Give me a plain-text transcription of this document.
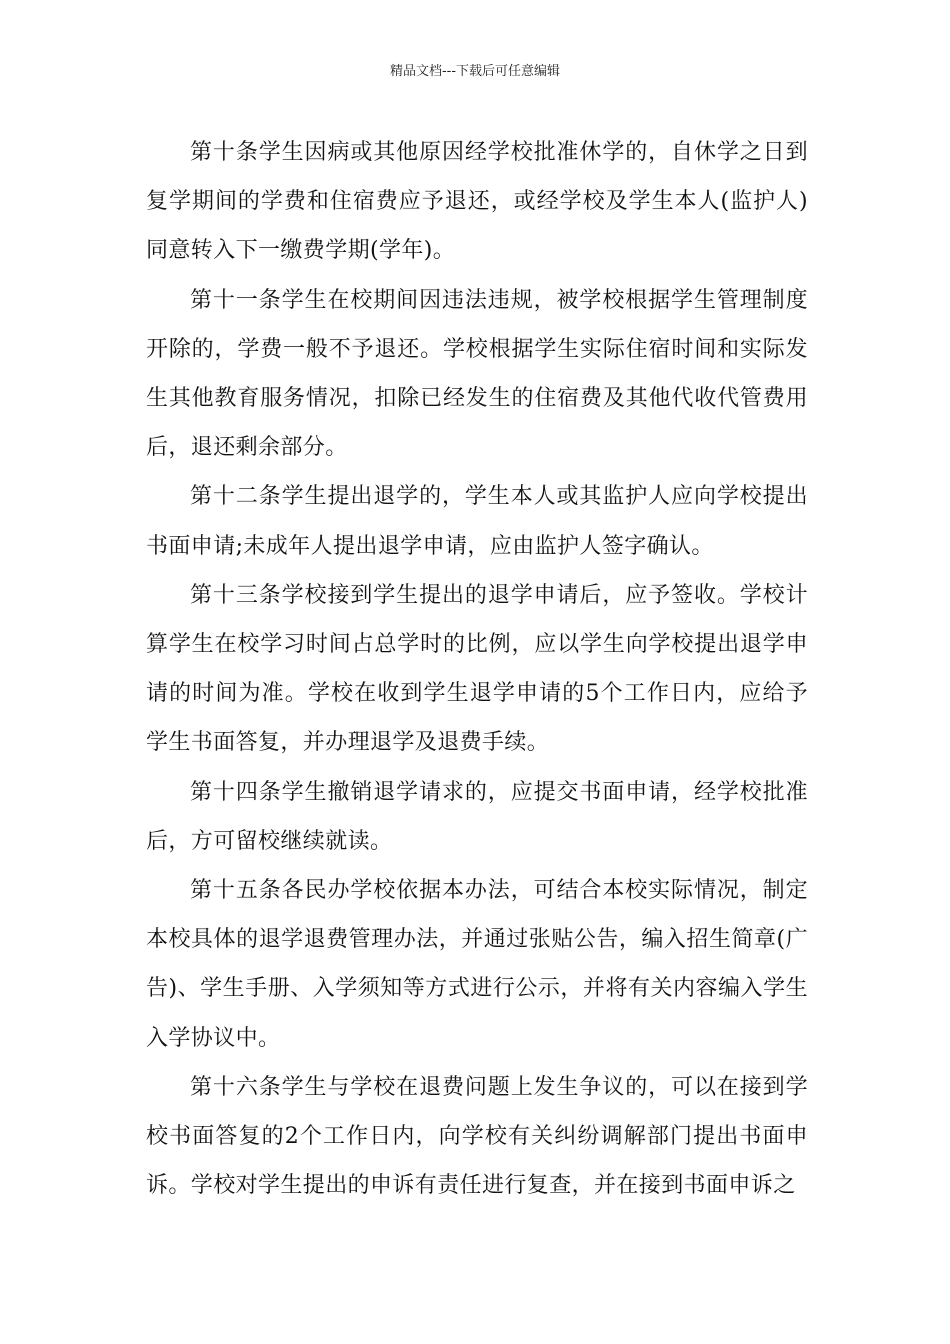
精品文档---下载后可任意编辑

第十条学生因病或其他原因经学校批准休学的，自休学之日到复学期间的学费和住宿费应予退还，或经学校及学生本人(监护人)同意转入下一缴费学期(学年)。

第十一条学生在校期间因违法违规，被学校根据学生管理制度开除的，学费一般不予退还。学校根据学生实际住宿时间和实际发生其他教育服务情况，扣除已经发生的住宿费及其他代收代管费用后，退还剩余部分。

第十二条学生提出退学的，学生本人或其监护人应向学校提出书面申请;未成年人提出退学申请，应由监护人签字确认。

第十三条学校接到学生提出的退学申请后，应予签收。学校计算学生在校学习时间占总学时的比例，应以学生向学校提出退学申请的时间为准。学校在收到学生退学申请的5个工作日内，应给予学生书面答复，并办理退学及退费手续。

第十四条学生撤销退学请求的，应提交书面申请，经学校批准后，方可留校继续就读。

第十五条各民办学校依据本办法，可结合本校实际情况，制定本校具体的退学退费管理办法，并通过张贴公告，编入招生简章(广告)、学生手册、入学须知等方式进行公示，并将有关内容编入学生入学协议中。

第十六条学生与学校在退费问题上发生争议的，可以在接到学校书面答复的2个工作日内，向学校有关纠纷调解部门提出书面申诉。学校对学生提出的申诉有责任进行复查，并在接到书面申诉之
